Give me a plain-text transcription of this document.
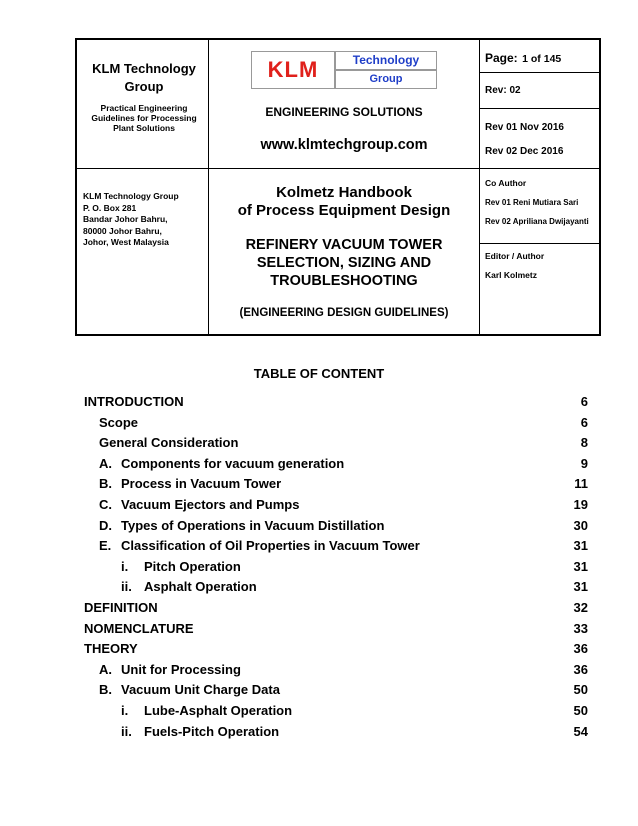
KLM Technology Group
Practical Engineering Guidelines for Processing Plant Solutions
KLM Technology Group
P. O. Box 281
Bandar Johor Bahru,
80000 Johor Bahru,
Johor, West Malaysia
KLM	Technology
Group
ENGINEERING SOLUTIONS
www.klmtechgroup.com
Kolmetz Handbook
of Process Equipment Design
REFINERY VACUUM TOWER
SELECTION, SIZING AND
TROUBLESHOOTING
(ENGINEERING DESIGN GUIDELINES)
Page: 1 of 145
Rev: 02
Rev 01 Nov 2016
Rev 02 Dec 2016
Co Author
Rev 01 Reni Mutiara Sari
Rev 02 Apriliana Dwijayanti
Editor / Author
Karl Kolmetz
TABLE OF CONTENT
INTRODUCTION	6
Scope	6
General Consideration	8
A. Components for vacuum generation	9
B. Process in Vacuum Tower	11
C. Vacuum Ejectors and Pumps	19
D. Types of Operations in Vacuum Distillation	30
E. Classification of Oil Properties in Vacuum Tower	31
i. Pitch Operation	31
ii. Asphalt Operation	31
DEFINITION	32
NOMENCLATURE	33
THEORY	36
A. Unit for Processing	36
B. Vacuum Unit Charge Data	50
i. Lube-Asphalt Operation	50
ii. Fuels-Pitch Operation	54
